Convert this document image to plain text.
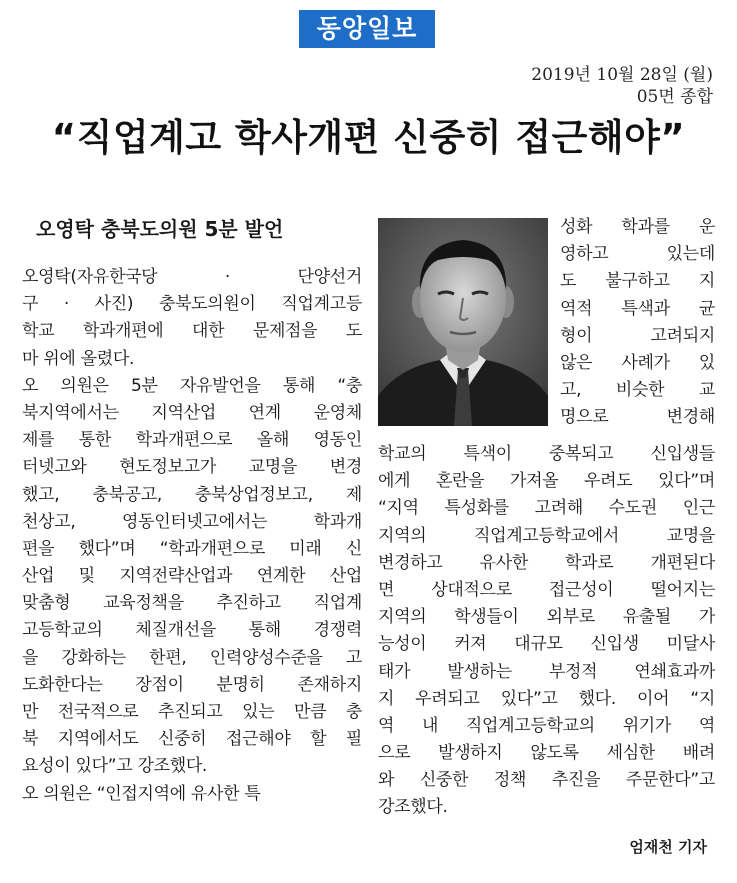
동앙일보
2019년 10월 28일 (월)
05면 종합
“직업계고 학사개편 신중히 접근해야”
오영탁 충북도의원 5분 발언
오영탁(자유한국당 · 단양선거
구 · 사진) 충북도의원이 직업계고등
학교 학과개편에 대한 문제점을 도
마 위에 올렸다.
오 의원은 5분 자유발언을 통해 “충
북지역에서는 지역산업 연계 운영체
제를 통한 학과개편으로 올해 영동인
터넷고와 현도정보고가 교명을 변경
했고, 충북공고, 충북상업정보고, 제
천상고, 영동인터넷고에서는 학과개
편을 했다”며 “학과개편으로 미래 신
산업 및 지역전략산업과 연계한 산업
맞춤형 교육정책을 추진하고 직업계
고등학교의 체질개선을 통해 경쟁력
을 강화하는 한편, 인력양성수준을 고
도화한다는 장점이 분명히 존재하지
만 전국적으로 추진되고 있는 만큼 충
북 지역에서도 신중히 접근해야 할 필
요성이 있다”고 강조했다.
오 의원은 “인접지역에 유사한 특
성화 학과를 운
영하고 있는데
도 불구하고 지
역적 특색과 균
형이 고려되지
않은 사례가 있
고, 비슷한 교
명으로 변경해
학교의 특색이 중복되고 신입생들
에게 혼란을 가져올 우려도 있다”며
“지역 특성화를 고려해 수도권 인근
지역의 직업계고등학교에서 교명을
변경하고 유사한 학과로 개편된다
면 상대적으로 접근성이 떨어지는
지역의 학생들이 외부로 유출될 가
능성이 커져 대규모 신입생 미달사
태가 발생하는 부정적 연쇄효과까
지 우려되고 있다”고 했다. 이어 “지
역 내 직업계고등학교의 위기가 역
으로 발생하지 않도록 세심한 배려
와 신중한 정책 추진을 주문한다”고
강조했다.
엄재천 기자
